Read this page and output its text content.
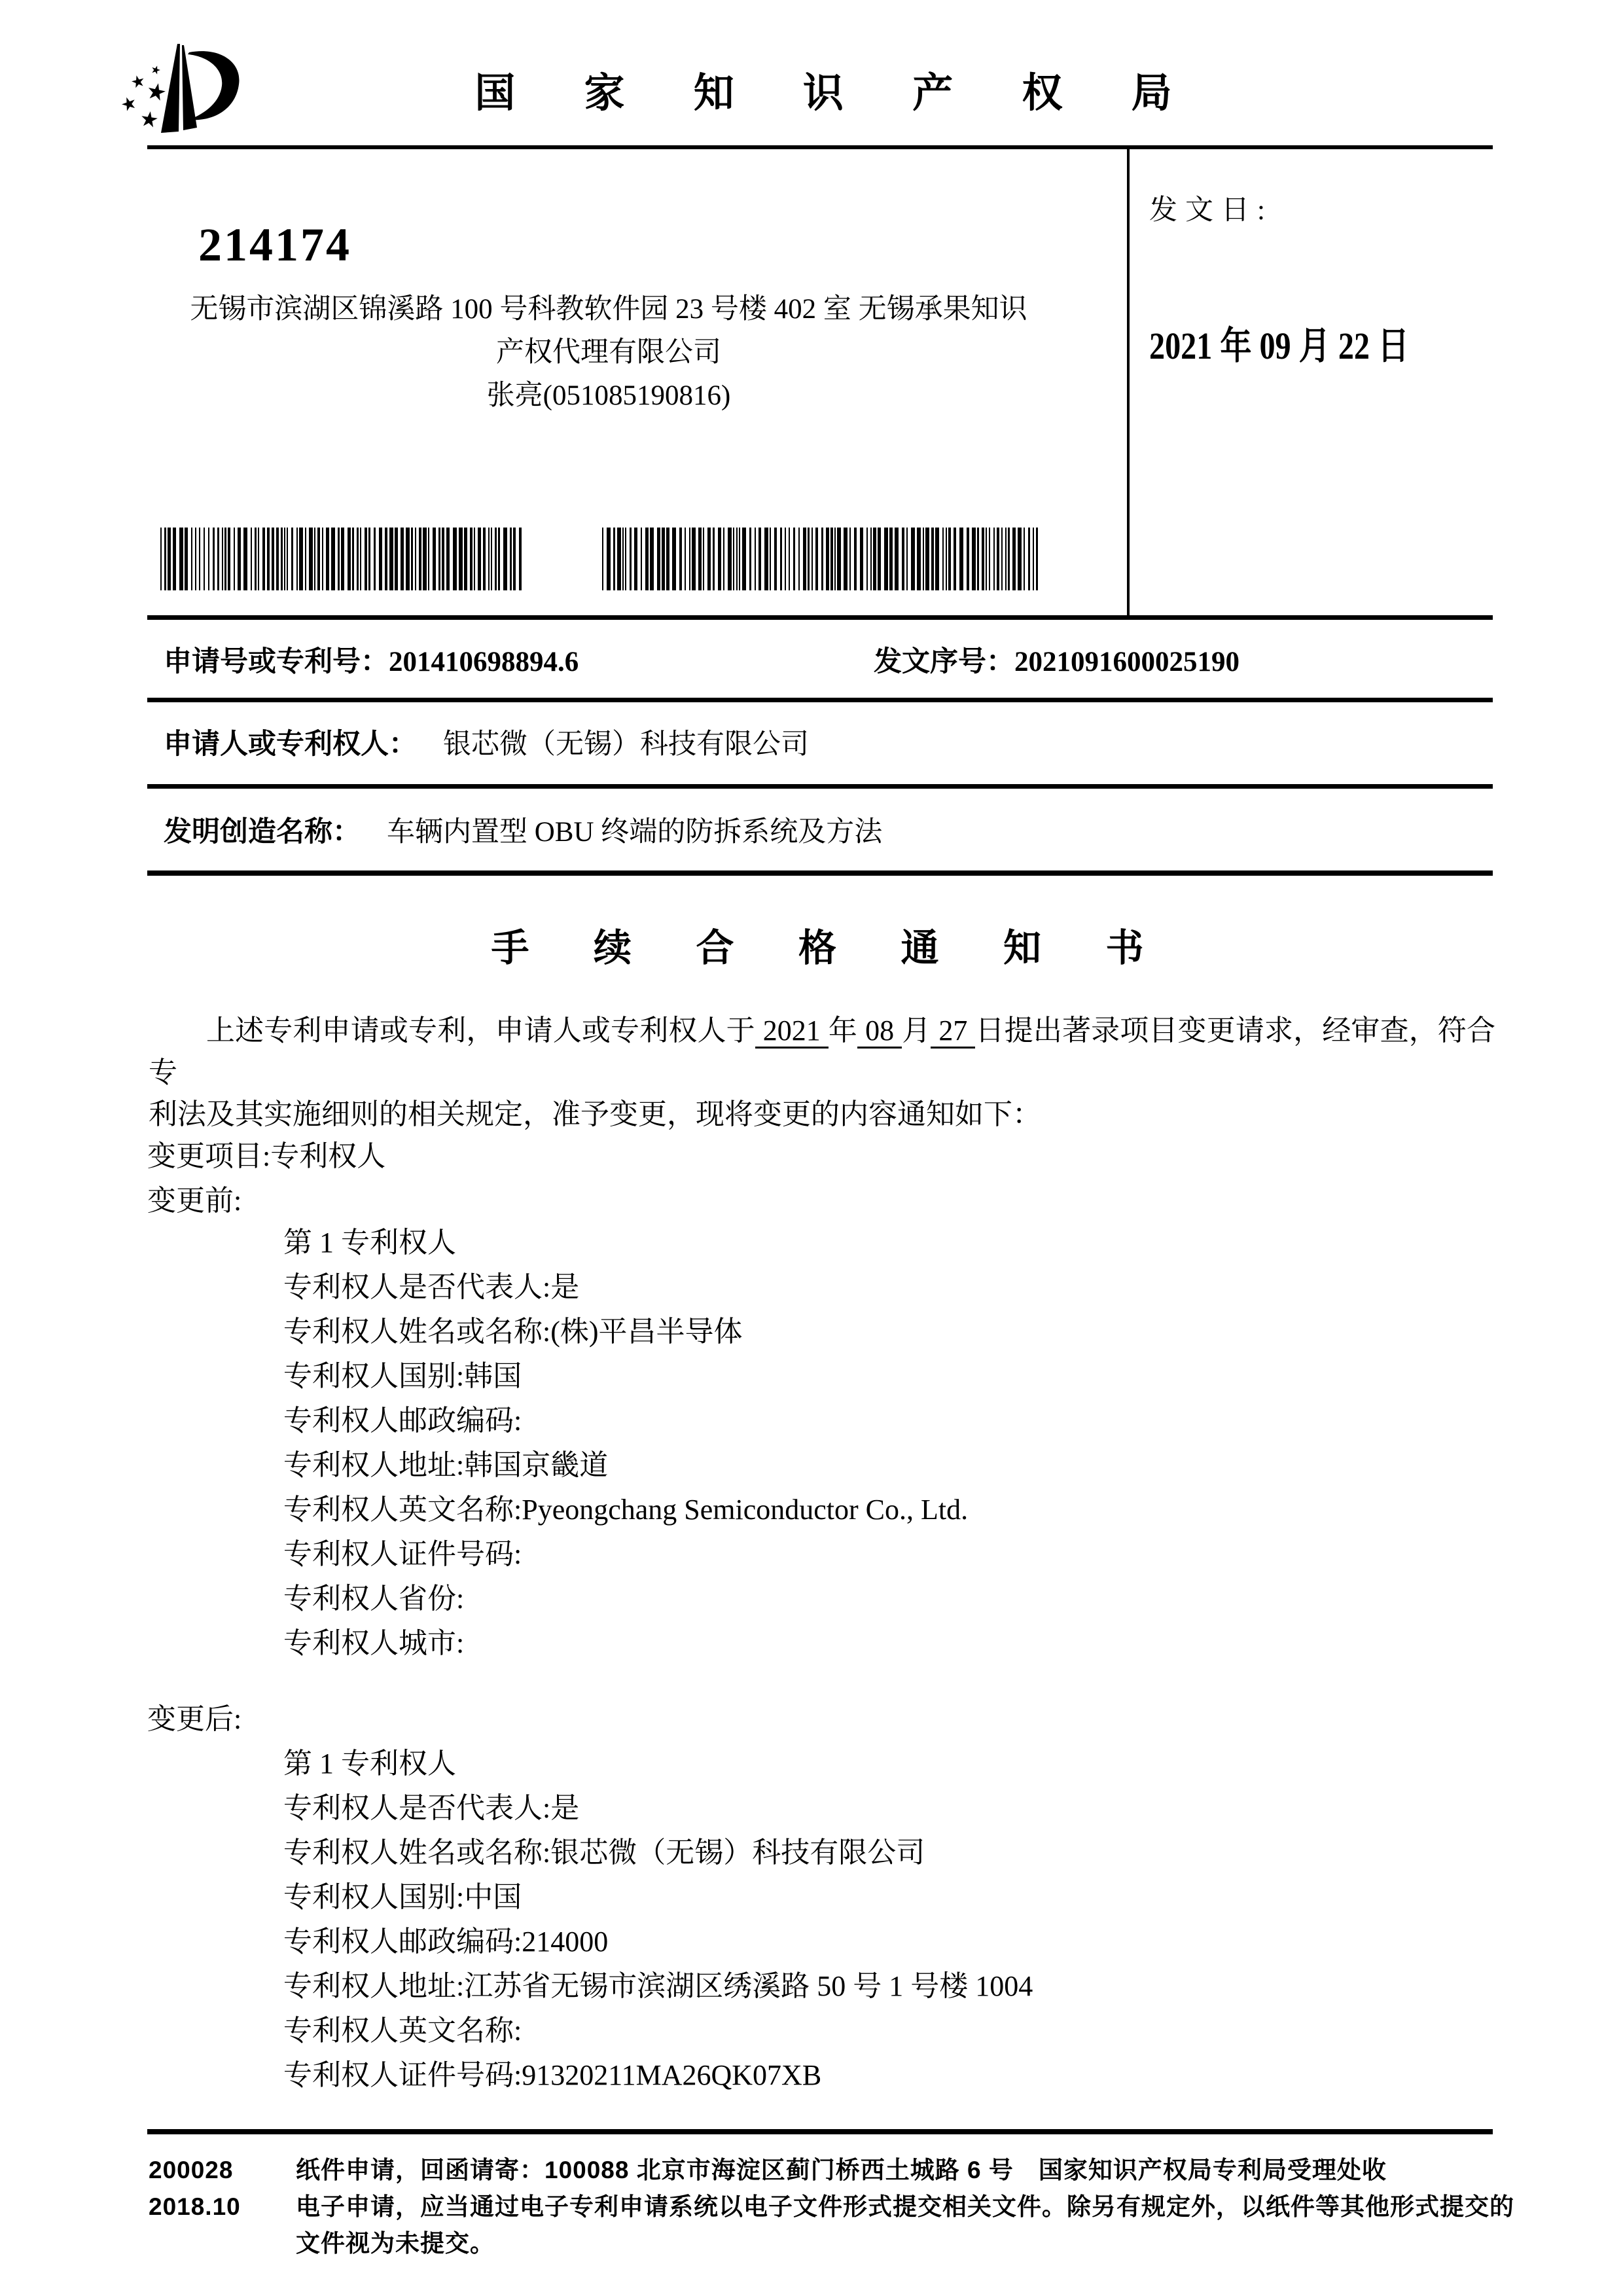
国 家 知 识 产 权 局
214174
无锡市滨湖区锦溪路 100 号科教软件园 23 号楼 402 室 无锡承果知识
产权代理有限公司
张亮(051085190816)
发文日:
2021 年 09 月 22 日
申请号或专利号：201410698894.6	发文序号：2021091600025190
申请人或专利权人： 银芯微（无锡）科技有限公司
发明创造名称： 车辆内置型 OBU 终端的防拆系统及方法
手 续 合 格 通 知 书
上述专利申请或专利，申请人或专利权人于 2021 年 08 月 27 日提出著录项目变更请求，经审查，符合专
利法及其实施细则的相关规定，准予变更，现将变更的内容通知如下：
变更项目:专利权人
变更前:
第 1 专利权人
专利权人是否代表人:是
专利权人姓名或名称:(株)平昌半导体
专利权人国别:韩国
专利权人邮政编码:
专利权人地址:韩国京畿道
专利权人英文名称:Pyeongchang Semiconductor Co., Ltd.
专利权人证件号码:
专利权人省份:
专利权人城市:
变更后:
第 1 专利权人
专利权人是否代表人:是
专利权人姓名或名称:银芯微（无锡）科技有限公司
专利权人国别:中国
专利权人邮政编码:214000
专利权人地址:江苏省无锡市滨湖区绣溪路 50 号 1 号楼 1004
专利权人英文名称:
专利权人证件号码:91320211MA26QK07XB
200028
2018.10
纸件申请，回函请寄：100088 北京市海淀区蓟门桥西土城路 6 号　国家知识产权局专利局受理处收
电子申请，应当通过电子专利申请系统以电子文件形式提交相关文件。除另有规定外，以纸件等其他形式提交的
文件视为未提交。
